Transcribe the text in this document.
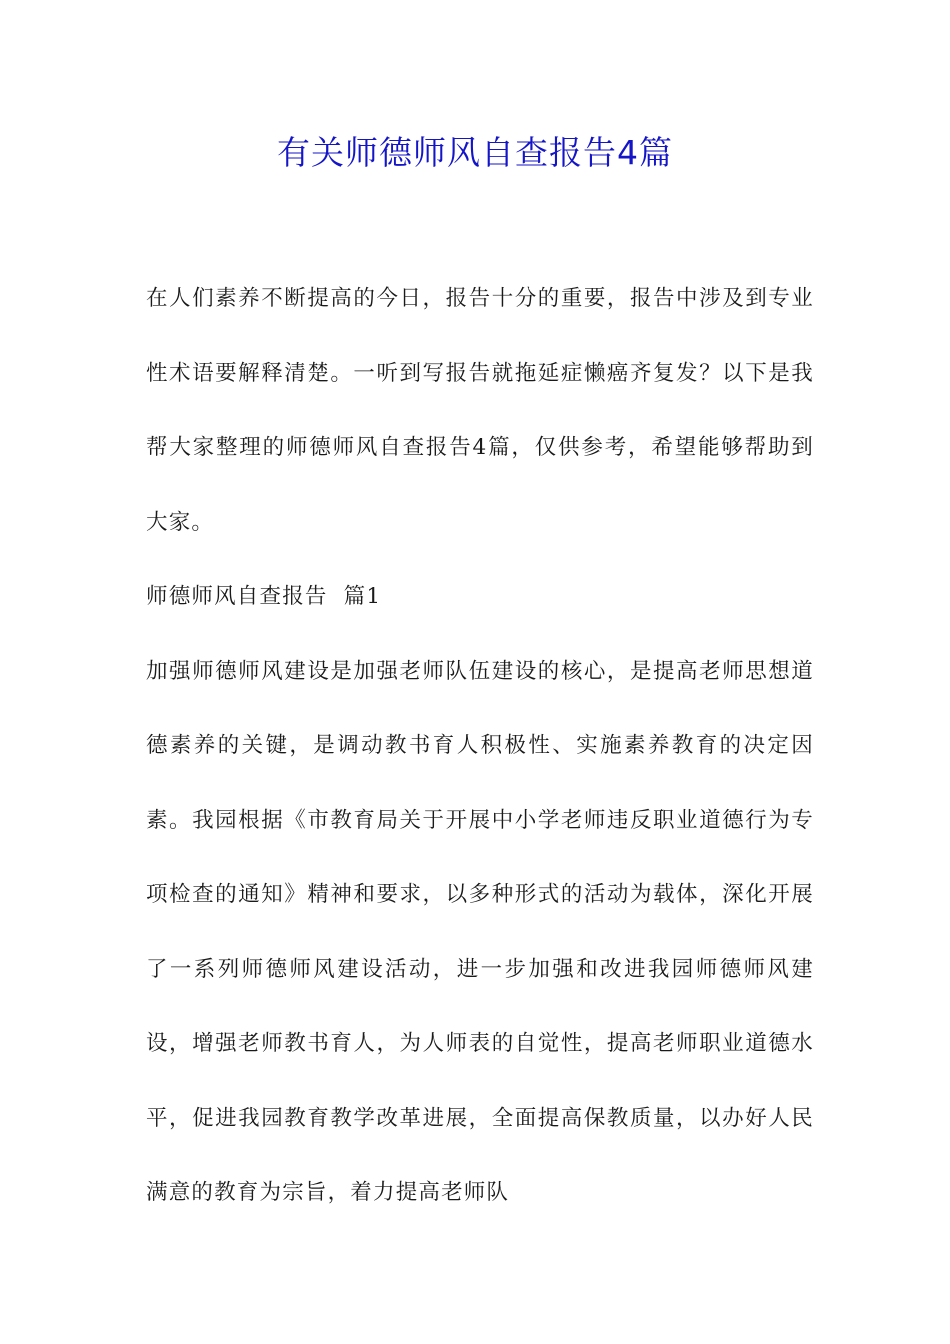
有关师德师风自查报告4篇

在人们素养不断提高的今日，报告十分的重要，报告中涉及到专业性术语要解释清楚。一听到写报告就拖延症懒癌齐复发？以下是我帮大家整理的师德师风自查报告4篇，仅供参考，希望能够帮助到大家。

师德师风自查报告  篇1

加强师德师风建设是加强老师队伍建设的核心，是提高老师思想道德素养的关键，是调动教书育人积极性、实施素养教育的决定因素。我园根据《市教育局关于开展中小学老师违反职业道德行为专项检查的通知》精神和要求，以多种形式的活动为载体，深化开展了一系列师德师风建设活动，进一步加强和改进我园师德师风建设，增强老师教书育人，为人师表的自觉性，提高老师职业道德水平，促进我园教育教学改革进展，全面提高保教质量，以办好人民满意的教育为宗旨，着力提高老师队
